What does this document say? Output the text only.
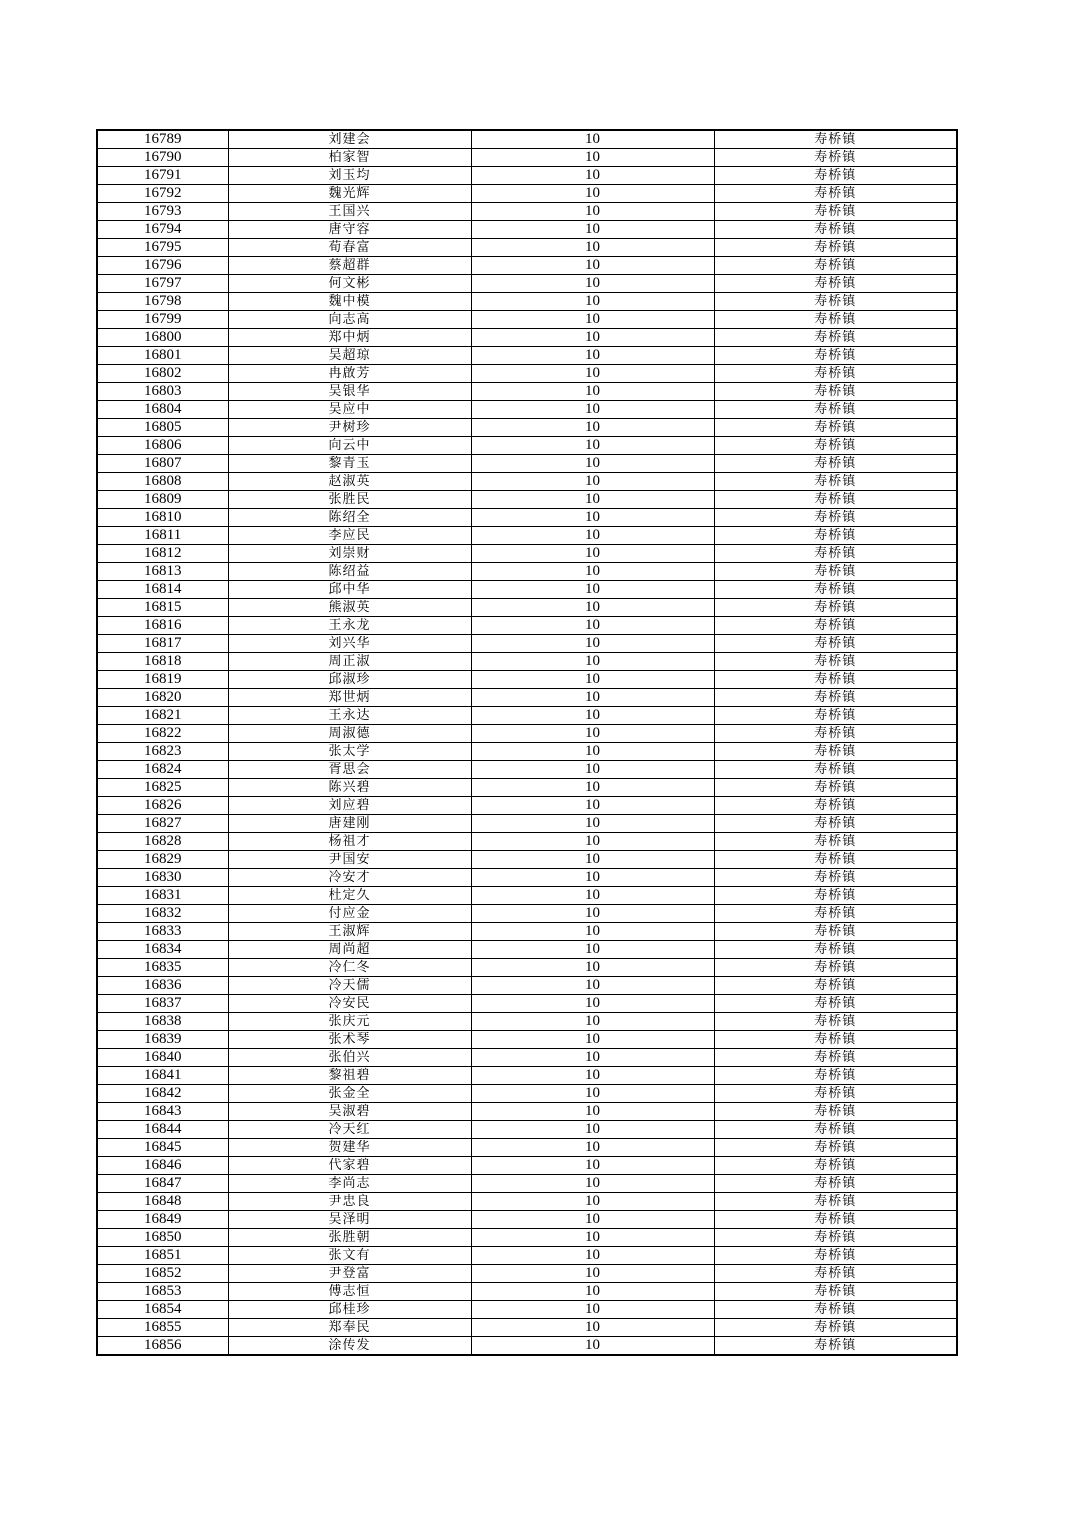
16789	刘建会	10	寿桥镇
16790	柏家智	10	寿桥镇
16791	刘玉均	10	寿桥镇
16792	魏光辉	10	寿桥镇
16793	王国兴	10	寿桥镇
16794	唐守容	10	寿桥镇
16795	荀春富	10	寿桥镇
16796	蔡超群	10	寿桥镇
16797	何文彬	10	寿桥镇
16798	魏中模	10	寿桥镇
16799	向志高	10	寿桥镇
16800	郑中炳	10	寿桥镇
16801	吴超琼	10	寿桥镇
16802	冉啟芳	10	寿桥镇
16803	吴银华	10	寿桥镇
16804	吴应中	10	寿桥镇
16805	尹树珍	10	寿桥镇
16806	向云中	10	寿桥镇
16807	黎青玉	10	寿桥镇
16808	赵淑英	10	寿桥镇
16809	张胜民	10	寿桥镇
16810	陈绍全	10	寿桥镇
16811	李应民	10	寿桥镇
16812	刘崇财	10	寿桥镇
16813	陈绍益	10	寿桥镇
16814	邱中华	10	寿桥镇
16815	熊淑英	10	寿桥镇
16816	王永龙	10	寿桥镇
16817	刘兴华	10	寿桥镇
16818	周正淑	10	寿桥镇
16819	邱淑珍	10	寿桥镇
16820	郑世炳	10	寿桥镇
16821	王永达	10	寿桥镇
16822	周淑德	10	寿桥镇
16823	张太学	10	寿桥镇
16824	胥思会	10	寿桥镇
16825	陈兴碧	10	寿桥镇
16826	刘应碧	10	寿桥镇
16827	唐建刚	10	寿桥镇
16828	杨祖才	10	寿桥镇
16829	尹国安	10	寿桥镇
16830	冷安才	10	寿桥镇
16831	杜定久	10	寿桥镇
16832	付应金	10	寿桥镇
16833	王淑辉	10	寿桥镇
16834	周尚超	10	寿桥镇
16835	冷仁冬	10	寿桥镇
16836	冷天儒	10	寿桥镇
16837	冷安民	10	寿桥镇
16838	张庆元	10	寿桥镇
16839	张术琴	10	寿桥镇
16840	张伯兴	10	寿桥镇
16841	黎祖碧	10	寿桥镇
16842	张金全	10	寿桥镇
16843	吴淑碧	10	寿桥镇
16844	冷天红	10	寿桥镇
16845	贺建华	10	寿桥镇
16846	代家碧	10	寿桥镇
16847	李尚志	10	寿桥镇
16848	尹忠良	10	寿桥镇
16849	吴泽明	10	寿桥镇
16850	张胜朝	10	寿桥镇
16851	张文有	10	寿桥镇
16852	尹登富	10	寿桥镇
16853	傅志恒	10	寿桥镇
16854	邱桂珍	10	寿桥镇
16855	郑奉民	10	寿桥镇
16856	涂传发	10	寿桥镇
